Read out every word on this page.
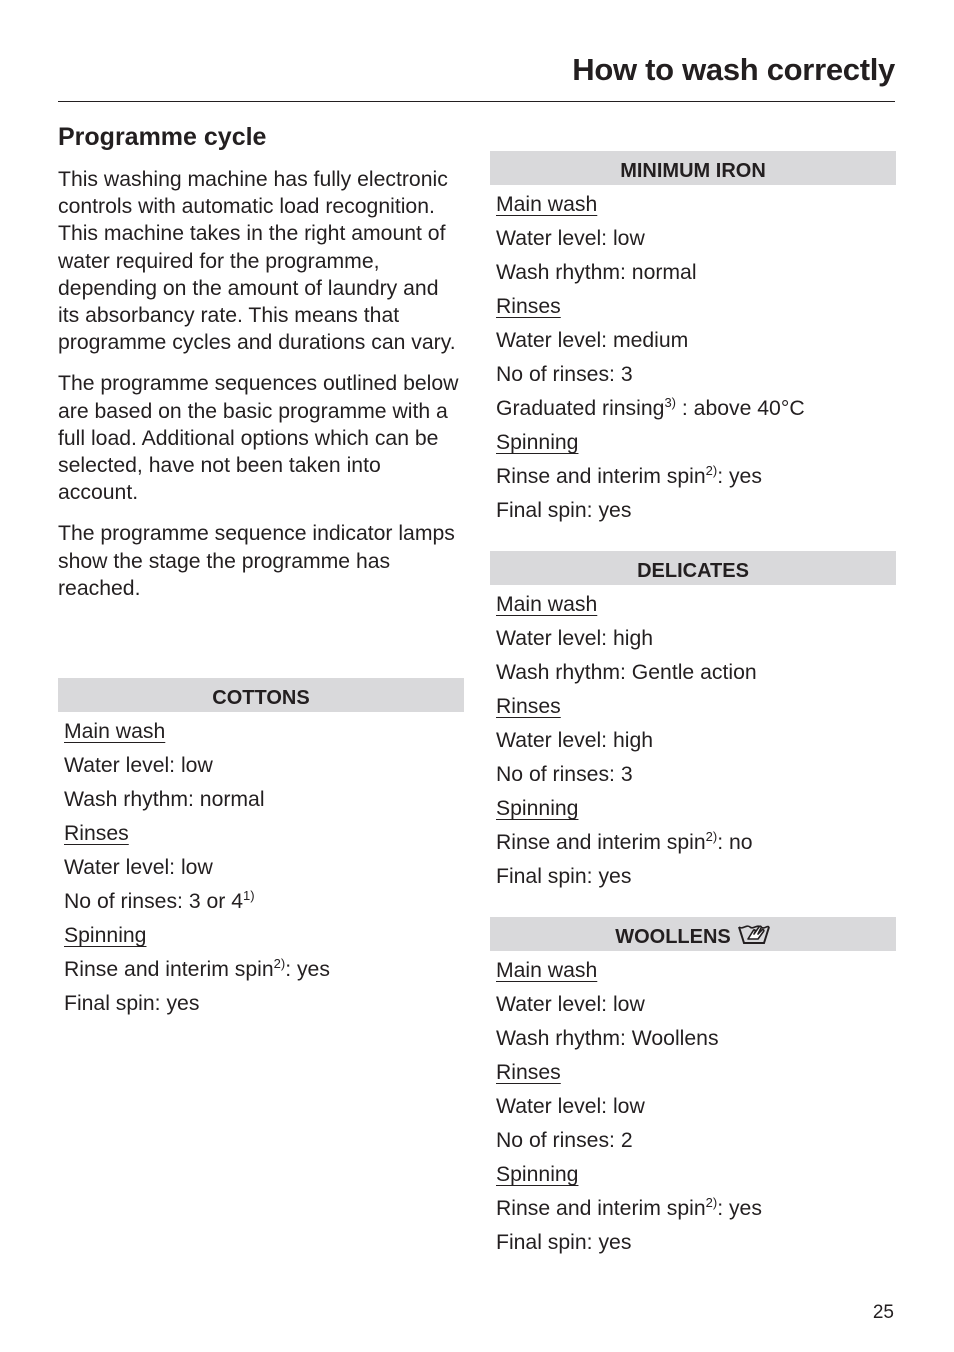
How to wash correctly
Programme cycle

This washing machine has fully electronic controls with automatic load recognition. This machine takes in the right amount of water required for the programme, depending on the amount of laundry and its absorbancy rate. This means that programme cycles and durations can vary.

The programme sequences outlined below are based on the basic programme with a full load. Additional options which can be selected, have not been taken into account.

The programme sequence indicator lamps show the stage the programme has reached.

COTTONS
Main wash
Water level: low
Wash rhythm: normal
Rinses
Water level: low
No of rinses: 3 or 4$^{1)}$
Spinning
Rinse and interim spin$^{2)}$: yes
Final spin: yes
MINIMUM IRON
Main wash
Water level: low
Wash rhythm: normal
Rinses
Water level: medium
No of rinses: 3
Graduated rinsing$^{3)}$ : above 40°C
Spinning
Rinse and interim spin$^{2)}$: yes
Final spin: yes
DELICATES
Main wash
Water level: high
Wash rhythm: Gentle action
Rinses
Water level: high
No of rinses: 3
Spinning
Rinse and interim spin$^{2)}$: no
Final spin: yes
WOOLLENS
Main wash
Water level: low
Wash rhythm: Woollens
Rinses
Water level: low
No of rinses: 2
Spinning
Rinse and interim spin$^{2)}$: yes
Final spin: yes
25
